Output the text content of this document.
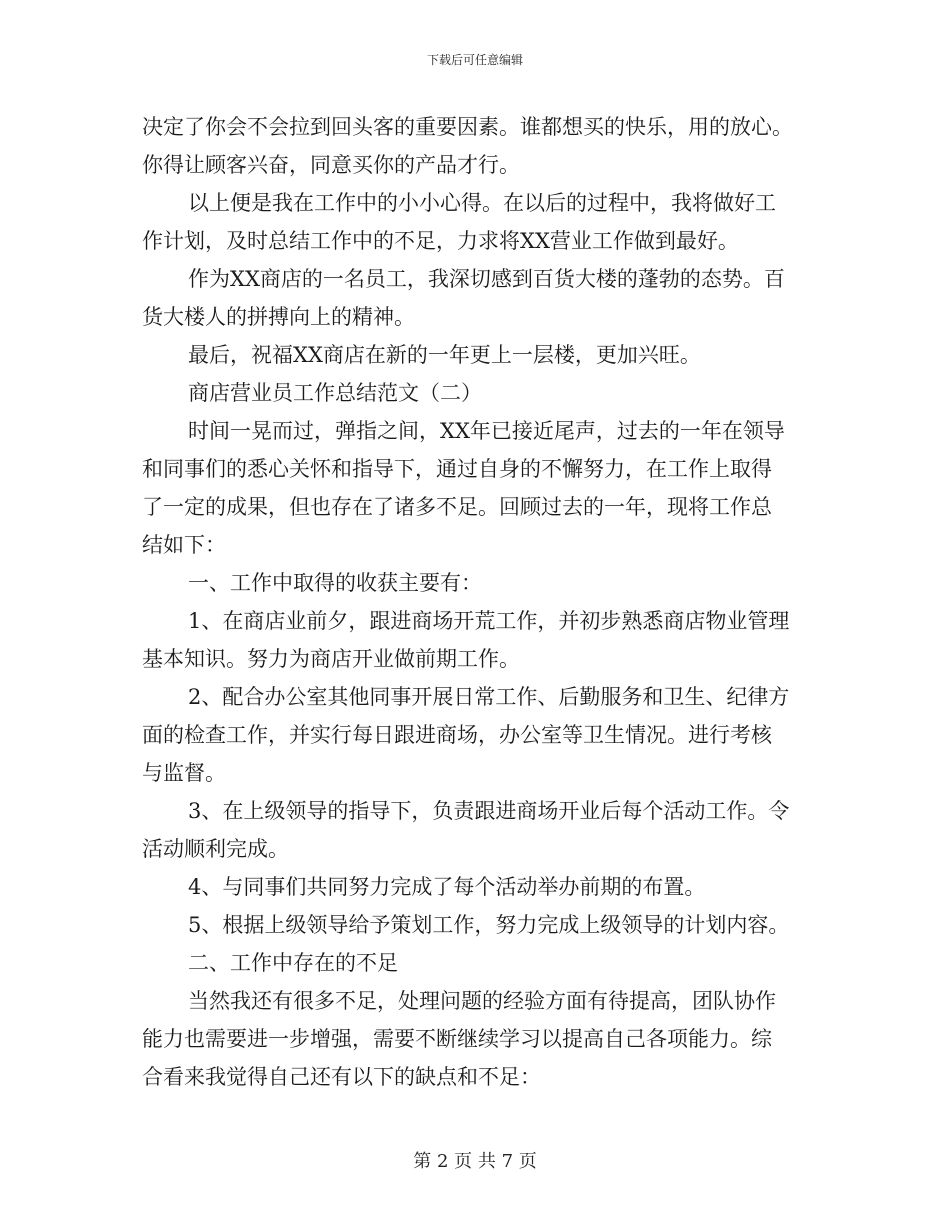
下载后可任意编辑
决定了你会不会拉到回头客的重要因素。谁都想买的快乐，用的放心。
你得让顾客兴奋，同意买你的产品才行。
以上便是我在工作中的小小心得。在以后的过程中，我将做好工
作计划，及时总结工作中的不足，力求将XX营业工作做到最好。
作为XX商店的一名员工，我深切感到百货大楼的蓬勃的态势。百
货大楼人的拼搏向上的精神。
最后，祝福XX商店在新的一年更上一层楼，更加兴旺。
商店营业员工作总结范文（二）
时间一晃而过，弹指之间，XX年已接近尾声，过去的一年在领导
和同事们的悉心关怀和指导下，通过自身的不懈努力，在工作上取得
了一定的成果，但也存在了诸多不足。回顾过去的一年，现将工作总
结如下：
一、工作中取得的收获主要有：
1、在商店业前夕，跟进商场开荒工作，并初步熟悉商店物业管理
基本知识。努力为商店开业做前期工作。
2、配合办公室其他同事开展日常工作、后勤服务和卫生、纪律方
面的检查工作，并实行每日跟进商场，办公室等卫生情况。进行考核
与监督。
3、在上级领导的指导下，负责跟进商场开业后每个活动工作。令
活动顺利完成。
4、与同事们共同努力完成了每个活动举办前期的布置。
5、根据上级领导给予策划工作，努力完成上级领导的计划内容。
二、工作中存在的不足
当然我还有很多不足，处理问题的经验方面有待提高，团队协作
能力也需要进一步增强，需要不断继续学习以提高自己各项能力。综
合看来我觉得自己还有以下的缺点和不足：
第 2 页 共 7 页
